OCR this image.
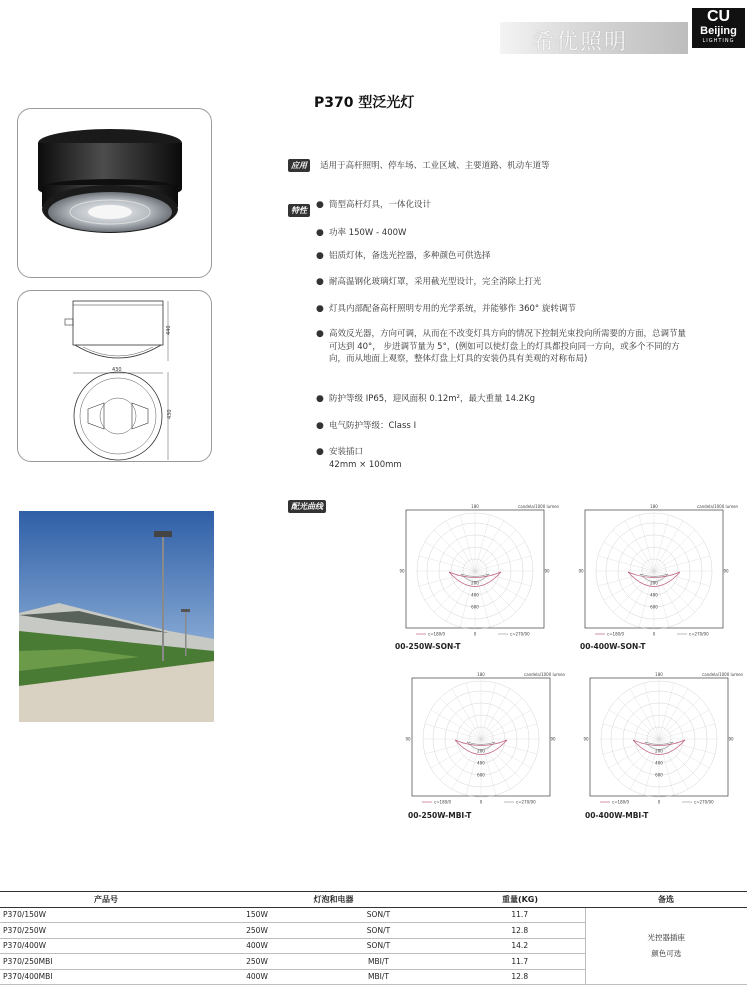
希优照明
CU
Beijing
LIGHTING
P370 型泛光灯
440
430
430
应用 适用于高杆照明、停车场、工业区域、主要道路、机动车道等
特性
● 筒型高杆灯具，一体化设计
● 功率 150W - 400W
● 铝质灯体，备选光控器，多种颜色可供选择
● 耐高温钢化玻璃灯罩，采用截光型设计，完全消除上打光
● 灯具内部配备高杆照明专用的光学系统，并能够作 360° 旋转调节
● 高效反光器，方向可调，从而在不改变灯具方向的情况下控制光束投向所需要的方面，总调节量可达到 40°， 步进调节量为 5°，(例如可以使灯盘上的灯具都投向同一方向，或多个不同的方向，而从地面上观察，整体灯盘上灯具的安装仍具有美观的对称布局)
● 防护等级 IP65，迎风面积 0.12m²，最大重量 14.2Kg
● 电气防护等级：Class I
● 安装插口
42mm × 100mm
配光曲线	180	candela/1000 lumen
90	90
200
400
600
c=180/0	0	c=270/90
00-250W-SON-T
180	candela/1000 lumen
90	90
200
400
600
c=180/0	0	c=270/90
00-400W-SON-T
180	candela/1000 lumen
90	90
200
400
600
c=180/0	0	c=270/90
00-250W-MBI-T
180	candela/1000 lumen
90	90
200
400
600
c=180/0	0	c=270/90
00-400W-MBI-T
产品号	灯泡和电器		重量(KG)	备选
P370/150W	150W	SON/T	11.7	光控器插座
颜色可选

P370/250W	250W	SON/T	12.8	
P370/400W	400W	SON/T	14.2	
P370/250MBI	250W	MBI/T	11.7	
P370/400MBI	400W	MBI/T	12.8	
